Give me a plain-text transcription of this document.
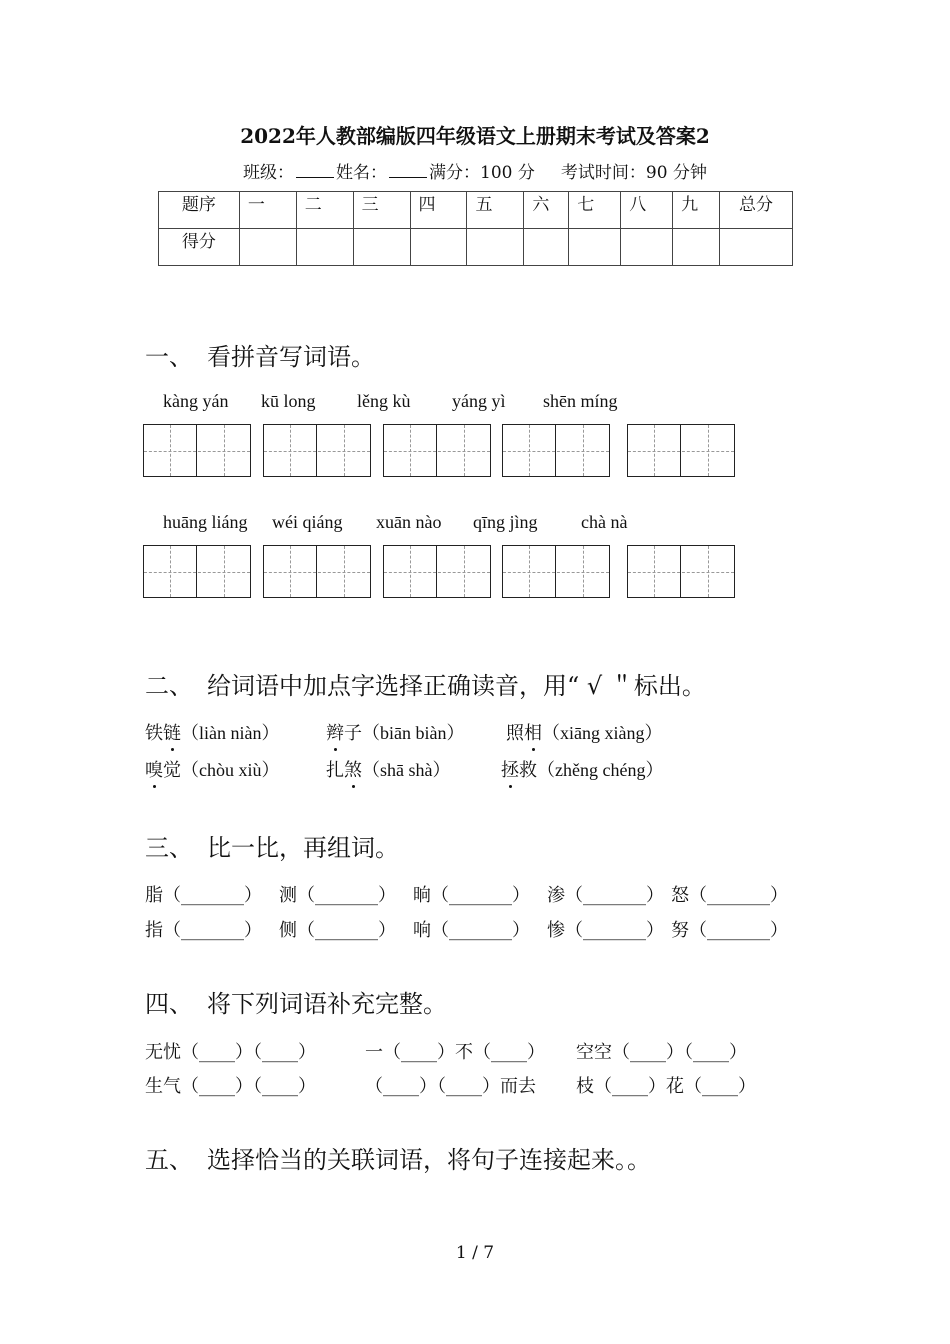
2022年人教部编版四年级语文上册期末考试及答案2
班级： 姓名： 满分：100 分 考试时间：90 分钟
题序	一	二	三	四	五	六	七	八	九	总分
得分										
一、 看拼音写词语。
kàng yán kū long lěng kù yáng yì shēn míng
huāng liáng wéi qiáng xuān nào qīng jìng chà nà
二、 给词语中加点字选择正确读音，用“ √ ＂标出。
铁链（liàn niàn）	辫子（biān biàn） 照相（xiāng xiàng）
嗅觉（chòu xiù）	扎煞（shā shà）	拯救（zhěng chéng）
三、 比一比，再组词。
脂（_______） 测（_______） 晌（_______） 渗（_______） 怒（_______）
指（_______） 侧（_______） 响（_______） 惨（_______） 努（_______）
四、 将下列词语补充完整。
无忧（____）（____）	一（____）不（____） 空空（____）（____）
生气（____）（____）	（____）（____）而去 枝（____）花（____）
五、 选择恰当的关联词语，将句子连接起来。。
1 / 7
